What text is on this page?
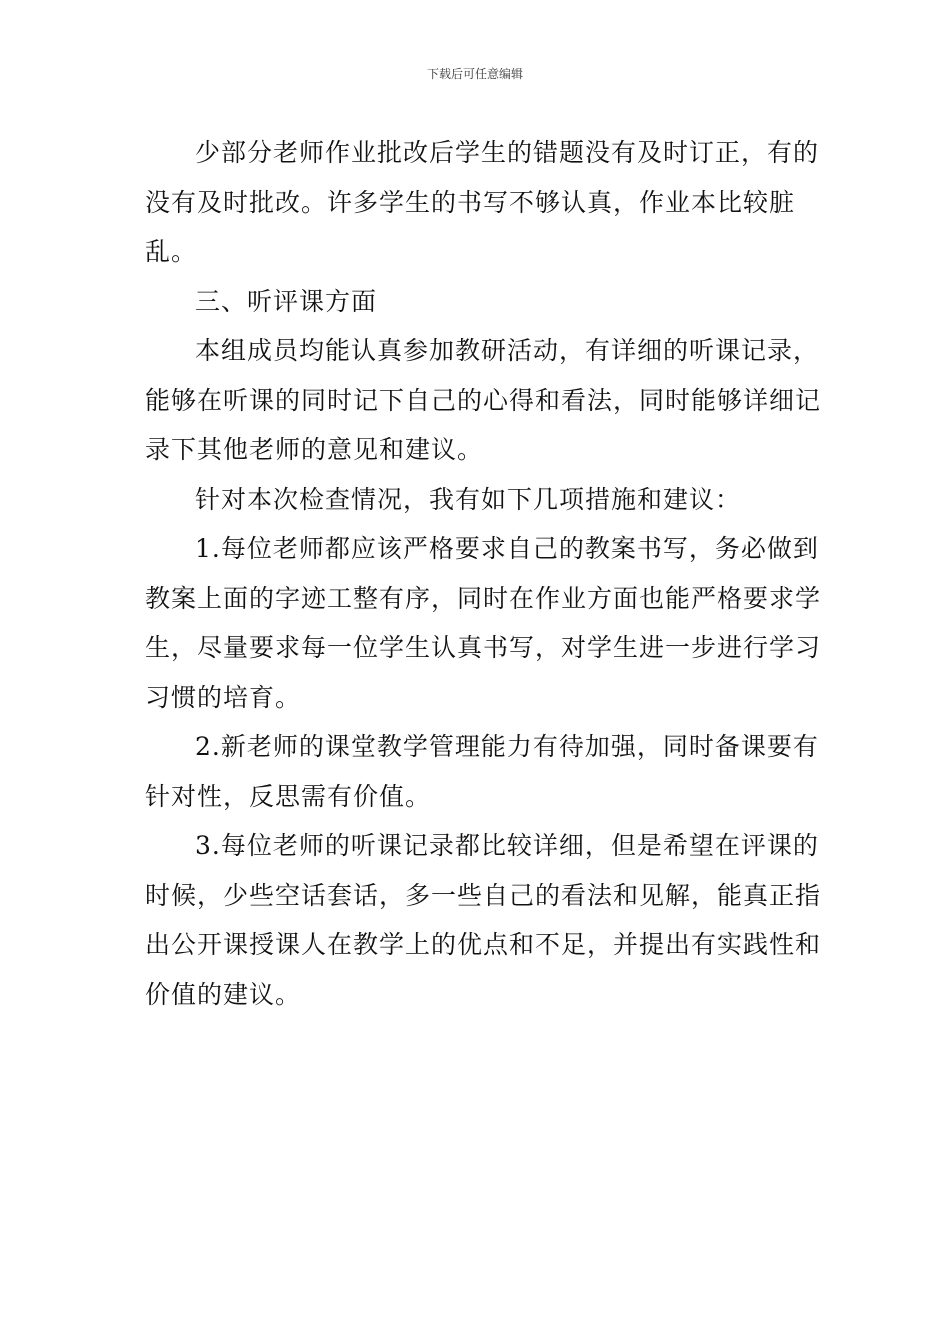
下载后可任意编辑

少部分老师作业批改后学生的错题没有及时订正，有的没有及时批改。许多学生的书写不够认真，作业本比较脏乱。

三、听评课方面

本组成员均能认真参加教研活动，有详细的听课记录，能够在听课的同时记下自己的心得和看法，同时能够详细记录下其他老师的意见和建议。

针对本次检查情况，我有如下几项措施和建议：

1.每位老师都应该严格要求自己的教案书写，务必做到教案上面的字迹工整有序，同时在作业方面也能严格要求学生，尽量要求每一位学生认真书写，对学生进一步进行学习习惯的培育。

2.新老师的课堂教学管理能力有待加强，同时备课要有针对性，反思需有价值。

3.每位老师的听课记录都比较详细，但是希望在评课的时候，少些空话套话，多一些自己的看法和见解，能真正指出公开课授课人在教学上的优点和不足，并提出有实践性和价值的建议。
